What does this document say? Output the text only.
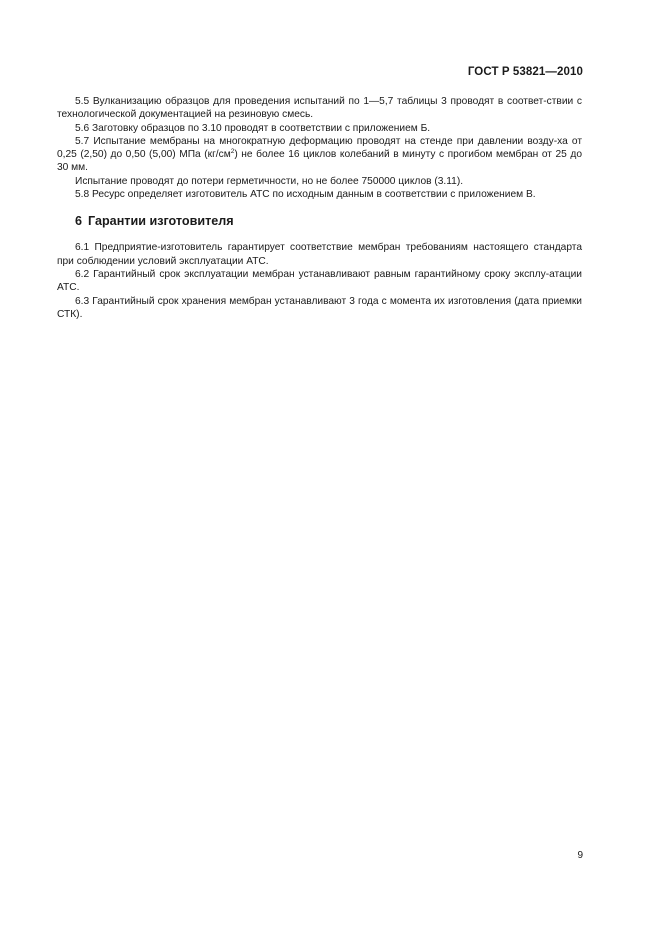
ГОСТ Р 53821—2010

5.5 Вулканизацию образцов для проведения испытаний по 1—5,7 таблицы 3 проводят в соответ-ствии с технологической документацией на резиновую смесь.

5.6 Заготовку образцов по 3.10 проводят в соответствии с приложением Б.

5.7 Испытание мембраны на многократную деформацию проводят на стенде при давлении возду-ха от 0,25 (2,50) до 0,50 (5,00) МПа $(кг/см^2)$ не более 16 циклов колебаний в минуту с прогибом мембран от 25 до 30 мм.

Испытание проводят до потери герметичности, но не более 750000 циклов (3.11).

5.8 Ресурс определяет изготовитель АТС по исходным данным в соответствии с приложением В.

6 Гарантии изготовителя

6.1 Предприятие-изготовитель гарантирует соответствие мембран требованиям настоящего стандарта при соблюдении условий эксплуатации АТС.

6.2 Гарантийный срок эксплуатации мембран устанавливают равным гарантийному сроку эксплу-атации АТС.

6.3 Гарантийный срок хранения мембран устанавливают 3 года с момента их изготовления (дата приемки СТК).

9
